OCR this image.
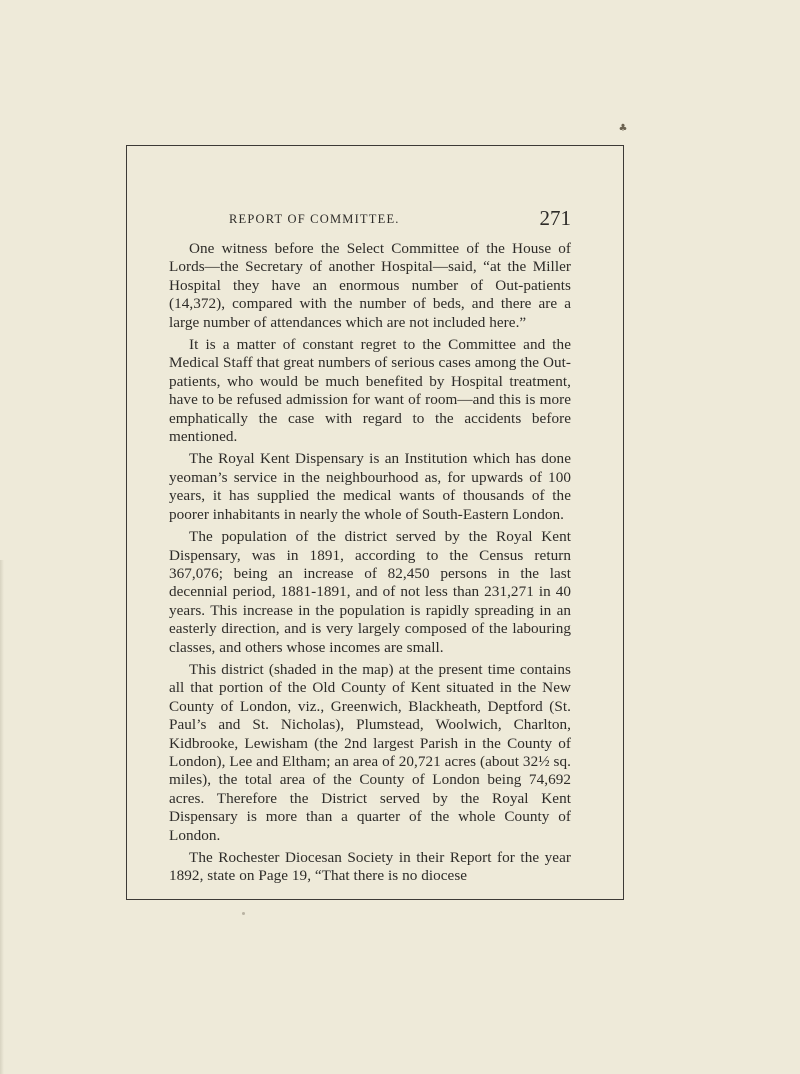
♣
REPORT OF COMMITTEE.	271

One witness before the Select Committee of the House of Lords—the Secretary of another Hospital—said, “at the Miller Hospital they have an enormous number of Out-patients (14,372), compared with the number of beds, and there are a large number of attendances which are not included here.”

It is a matter of constant regret to the Committee and the Medical Staff that great numbers of serious cases among the Out-patients, who would be much benefited by Hospital treatment, have to be refused admission for want of room—and this is more emphatically the case with regard to the accidents before mentioned.

The Royal Kent Dispensary is an Institution which has done yeoman’s service in the neighbourhood as, for upwards of 100 years, it has supplied the medical wants of thousands of the poorer inhabitants in nearly the whole of South-Eastern London.

The population of the district served by the Royal Kent Dispensary, was in 1891, according to the Census return 367,076; being an increase of 82,450 persons in the last decennial period, 1881-1891, and of not less than 231,271 in 40 years. This increase in the population is rapidly spreading in an easterly direction, and is very largely composed of the labouring classes, and others whose incomes are small.

This district (shaded in the map) at the present time contains all that portion of the Old County of Kent situated in the New County of London, viz., Greenwich, Blackheath, Deptford (St. Paul’s and St. Nicholas), Plumstead, Woolwich, Charlton, Kidbrooke, Lewisham (the 2nd largest Parish in the County of London), Lee and Eltham; an area of 20,721 acres (about 32½ sq. miles), the total area of the County of London being 74,692 acres. Therefore the District served by the Royal Kent Dispensary is more than a quarter of the whole County of London.

The Rochester Diocesan Society in their Report for the year 1892, state on Page 19, “That there is no diocese
